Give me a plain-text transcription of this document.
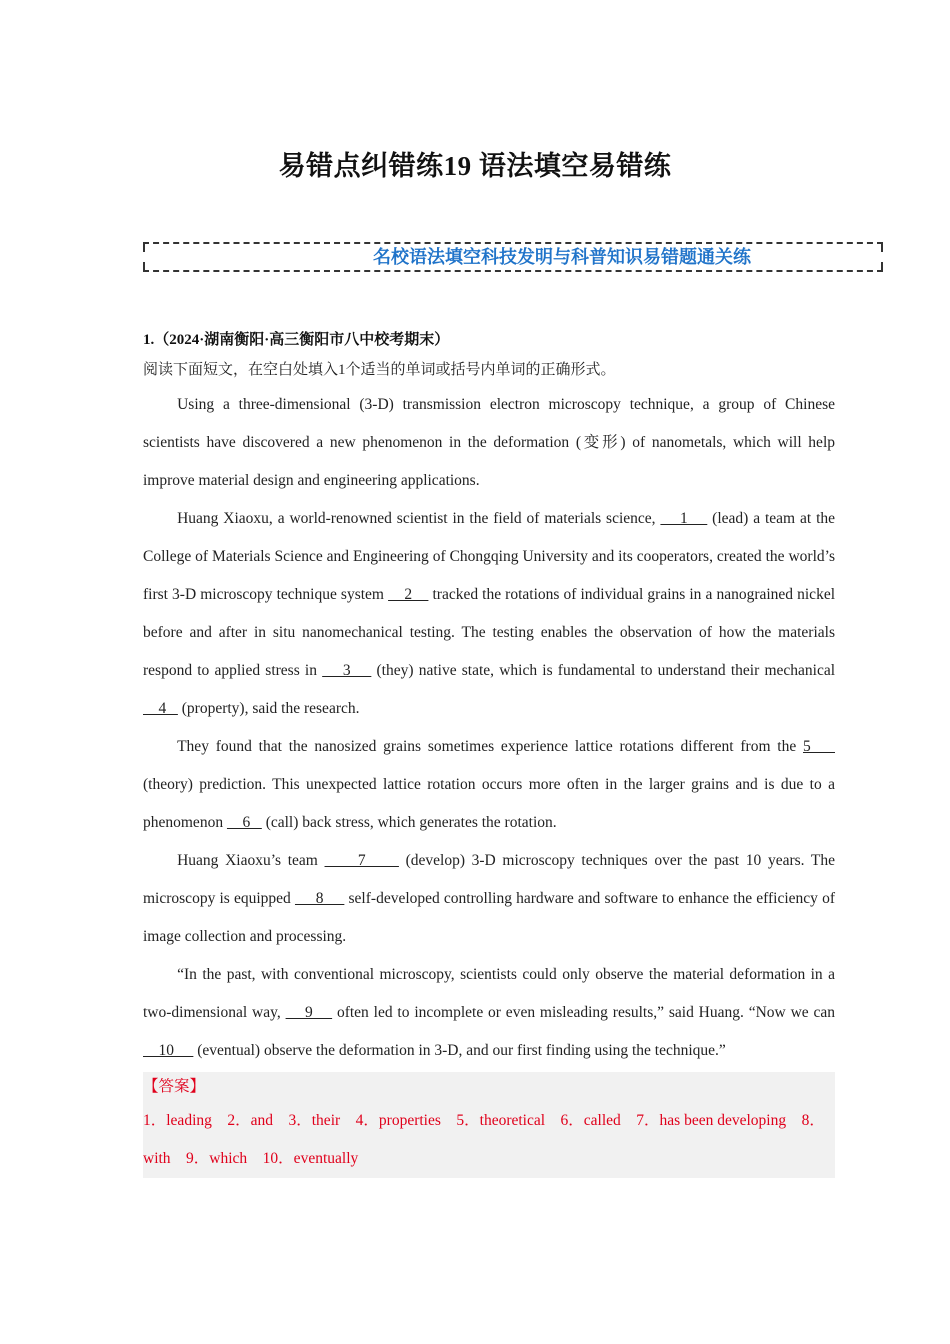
易错点纠错练19 语法填空易错练
名校语法填空科技发明与科普知识易错题通关练
1.（2024·湖南衡阳·高三衡阳市八中校考期末）
阅读下面短文，在空白处填入1个适当的单词或括号内单词的正确形式。

Using a three-dimensional (3-D) transmission electron microscopy technique, a group of Chinese scientists have discovered a new phenomenon in the deformation (变形) of nanometals, which will help improve material design and engineering applications.

Huang Xiaoxu, a world-renowned scientist in the field of materials science,     1     (lead) a team at the College of Materials Science and Engineering of Chongqing University and its cooperators, created the world’s first 3-D microscopy technique system     2     tracked the rotations of individual grains in a nanograined nickel before and after in situ nanomechanical testing. The testing enables the observation of how the materials respond to applied stress in     3     (they) native state, which is fundamental to understand their mechanical     4    (property), said the research.

They found that the nanosized grains sometimes experience lattice rotations different from the 5     (theory) prediction. This unexpected lattice rotation occurs more often in the larger grains and is due to a phenomenon     6    (call) back stress, which generates the rotation.

Huang Xiaoxu’s team      7      (develop) 3-D microscopy techniques over the past 10 years. The microscopy is equipped      8      self-developed controlling hardware and software to enhance the efficiency of image collection and processing.

“In the past, with conventional microscopy, scientists could only observe the material deformation in a two-dimensional way,     9     often led to incomplete or even misleading results,” said Huang. “Now we can     10      (eventual) observe the deformation in 3-D, and our first finding using the technique.”

【答案】
1．leading　2．and　3．their　4．properties　5．theoretical　6．called　7．has been developing　8．with　9．which　10．eventually
